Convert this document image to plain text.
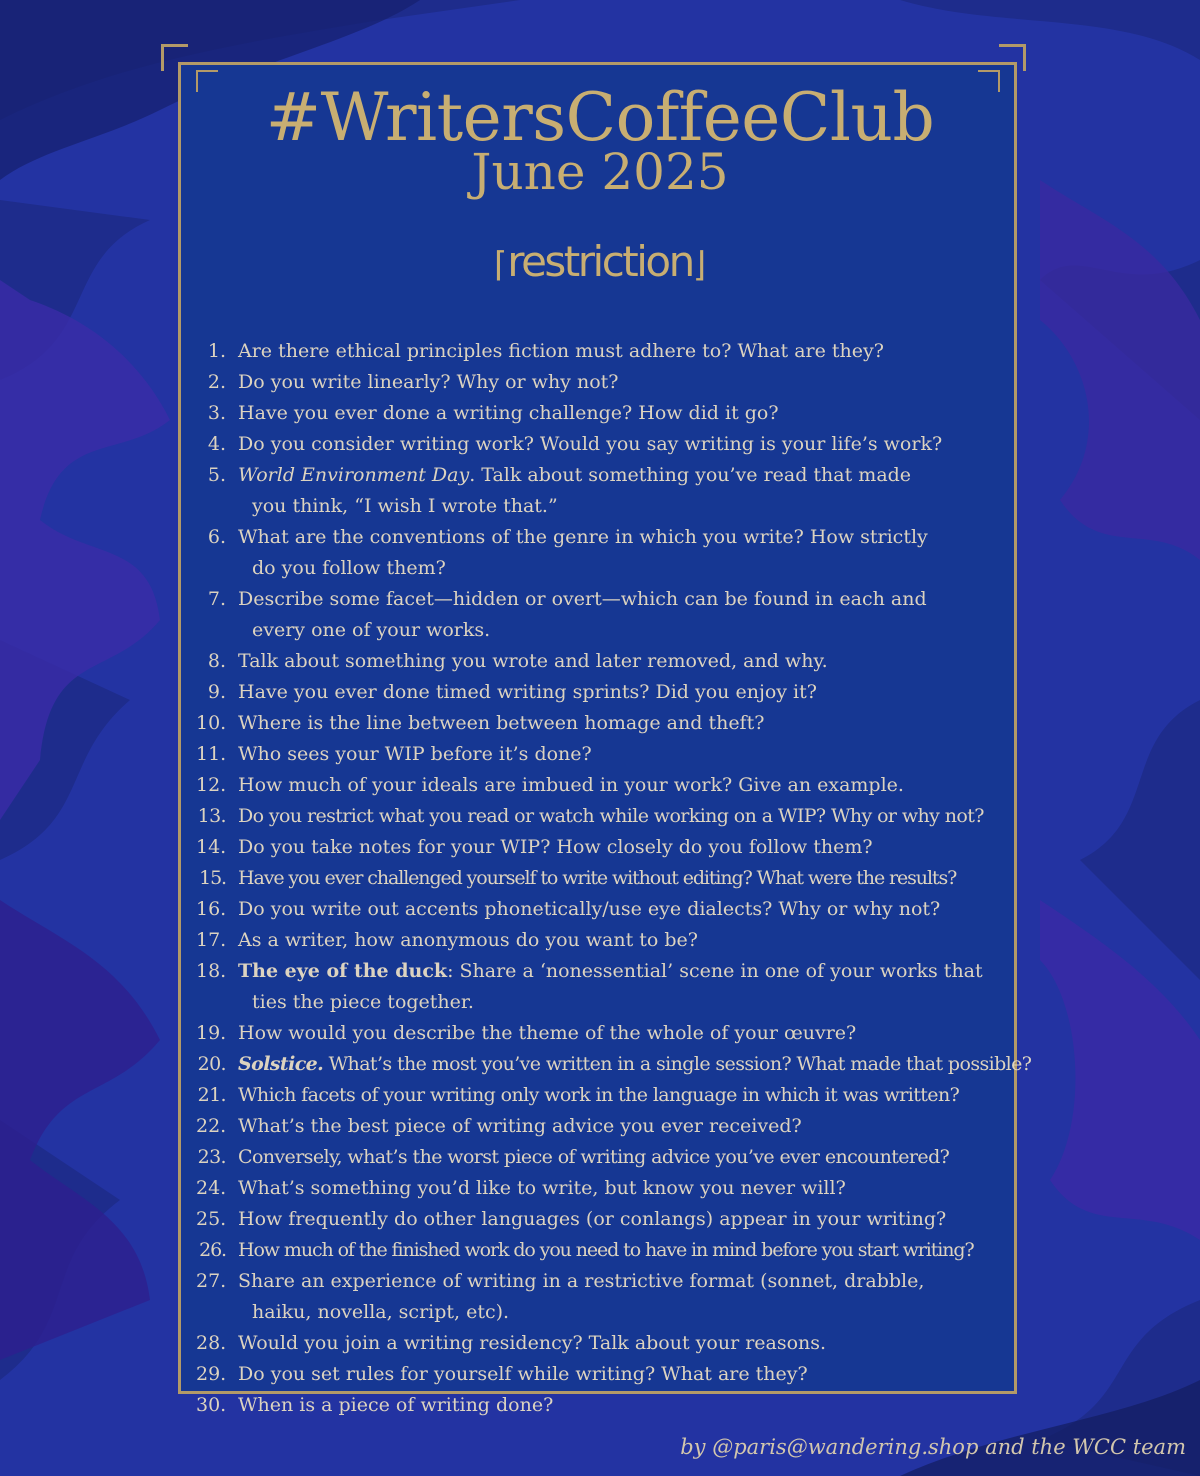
#WritersCoffeeClub
June 2025
⌈restriction⌋
1. Are there ethical principles fiction must adhere to? What are they?
2. Do you write linearly? Why or why not?
3. Have you ever done a writing challenge? How did it go?
4. Do you consider writing work? Would you say writing is your life’s work?
5. World Environment Day. Talk about something you’ve read that made
you think, “I wish I wrote that.”
6. What are the conventions of the genre in which you write? How strictly
do you follow them?
7. Describe some facet—hidden or overt—which can be found in each and
every one of your works.
8. Talk about something you wrote and later removed, and why.
9. Have you ever done timed writing sprints? Did you enjoy it?
10. Where is the line between between homage and theft?
11. Who sees your WIP before it’s done?
12. How much of your ideals are imbued in your work? Give an example.
13. Do you restrict what you read or watch while working on a WIP? Why or why not?
14. Do you take notes for your WIP? How closely do you follow them?
15. Have you ever challenged yourself to write without editing? What were the results?
16. Do you write out accents phonetically/use eye dialects? Why or why not?
17. As a writer, how anonymous do you want to be?
18. The eye of the duck: Share a ‘nonessential’ scene in one of your works that
ties the piece together.
19. How would you describe the theme of the whole of your œuvre?
20. Solstice. What’s the most you’ve written in a single session? What made that possible?
21. Which facets of your writing only work in the language in which it was written?
22. What’s the best piece of writing advice you ever received?
23. Conversely, what’s the worst piece of writing advice you’ve ever encountered?
24. What’s something you’d like to write, but know you never will?
25. How frequently do other languages (or conlangs) appear in your writing?
26. How much of the finished work do you need to have in mind before you start writing?
27. Share an experience of writing in a restrictive format (sonnet, drabble,
haiku, novella, script, etc).
28. Would you join a writing residency? Talk about your reasons.
29. Do you set rules for yourself while writing? What are they?
30. When is a piece of writing done?
by @paris@wandering.shop and the WCC team
